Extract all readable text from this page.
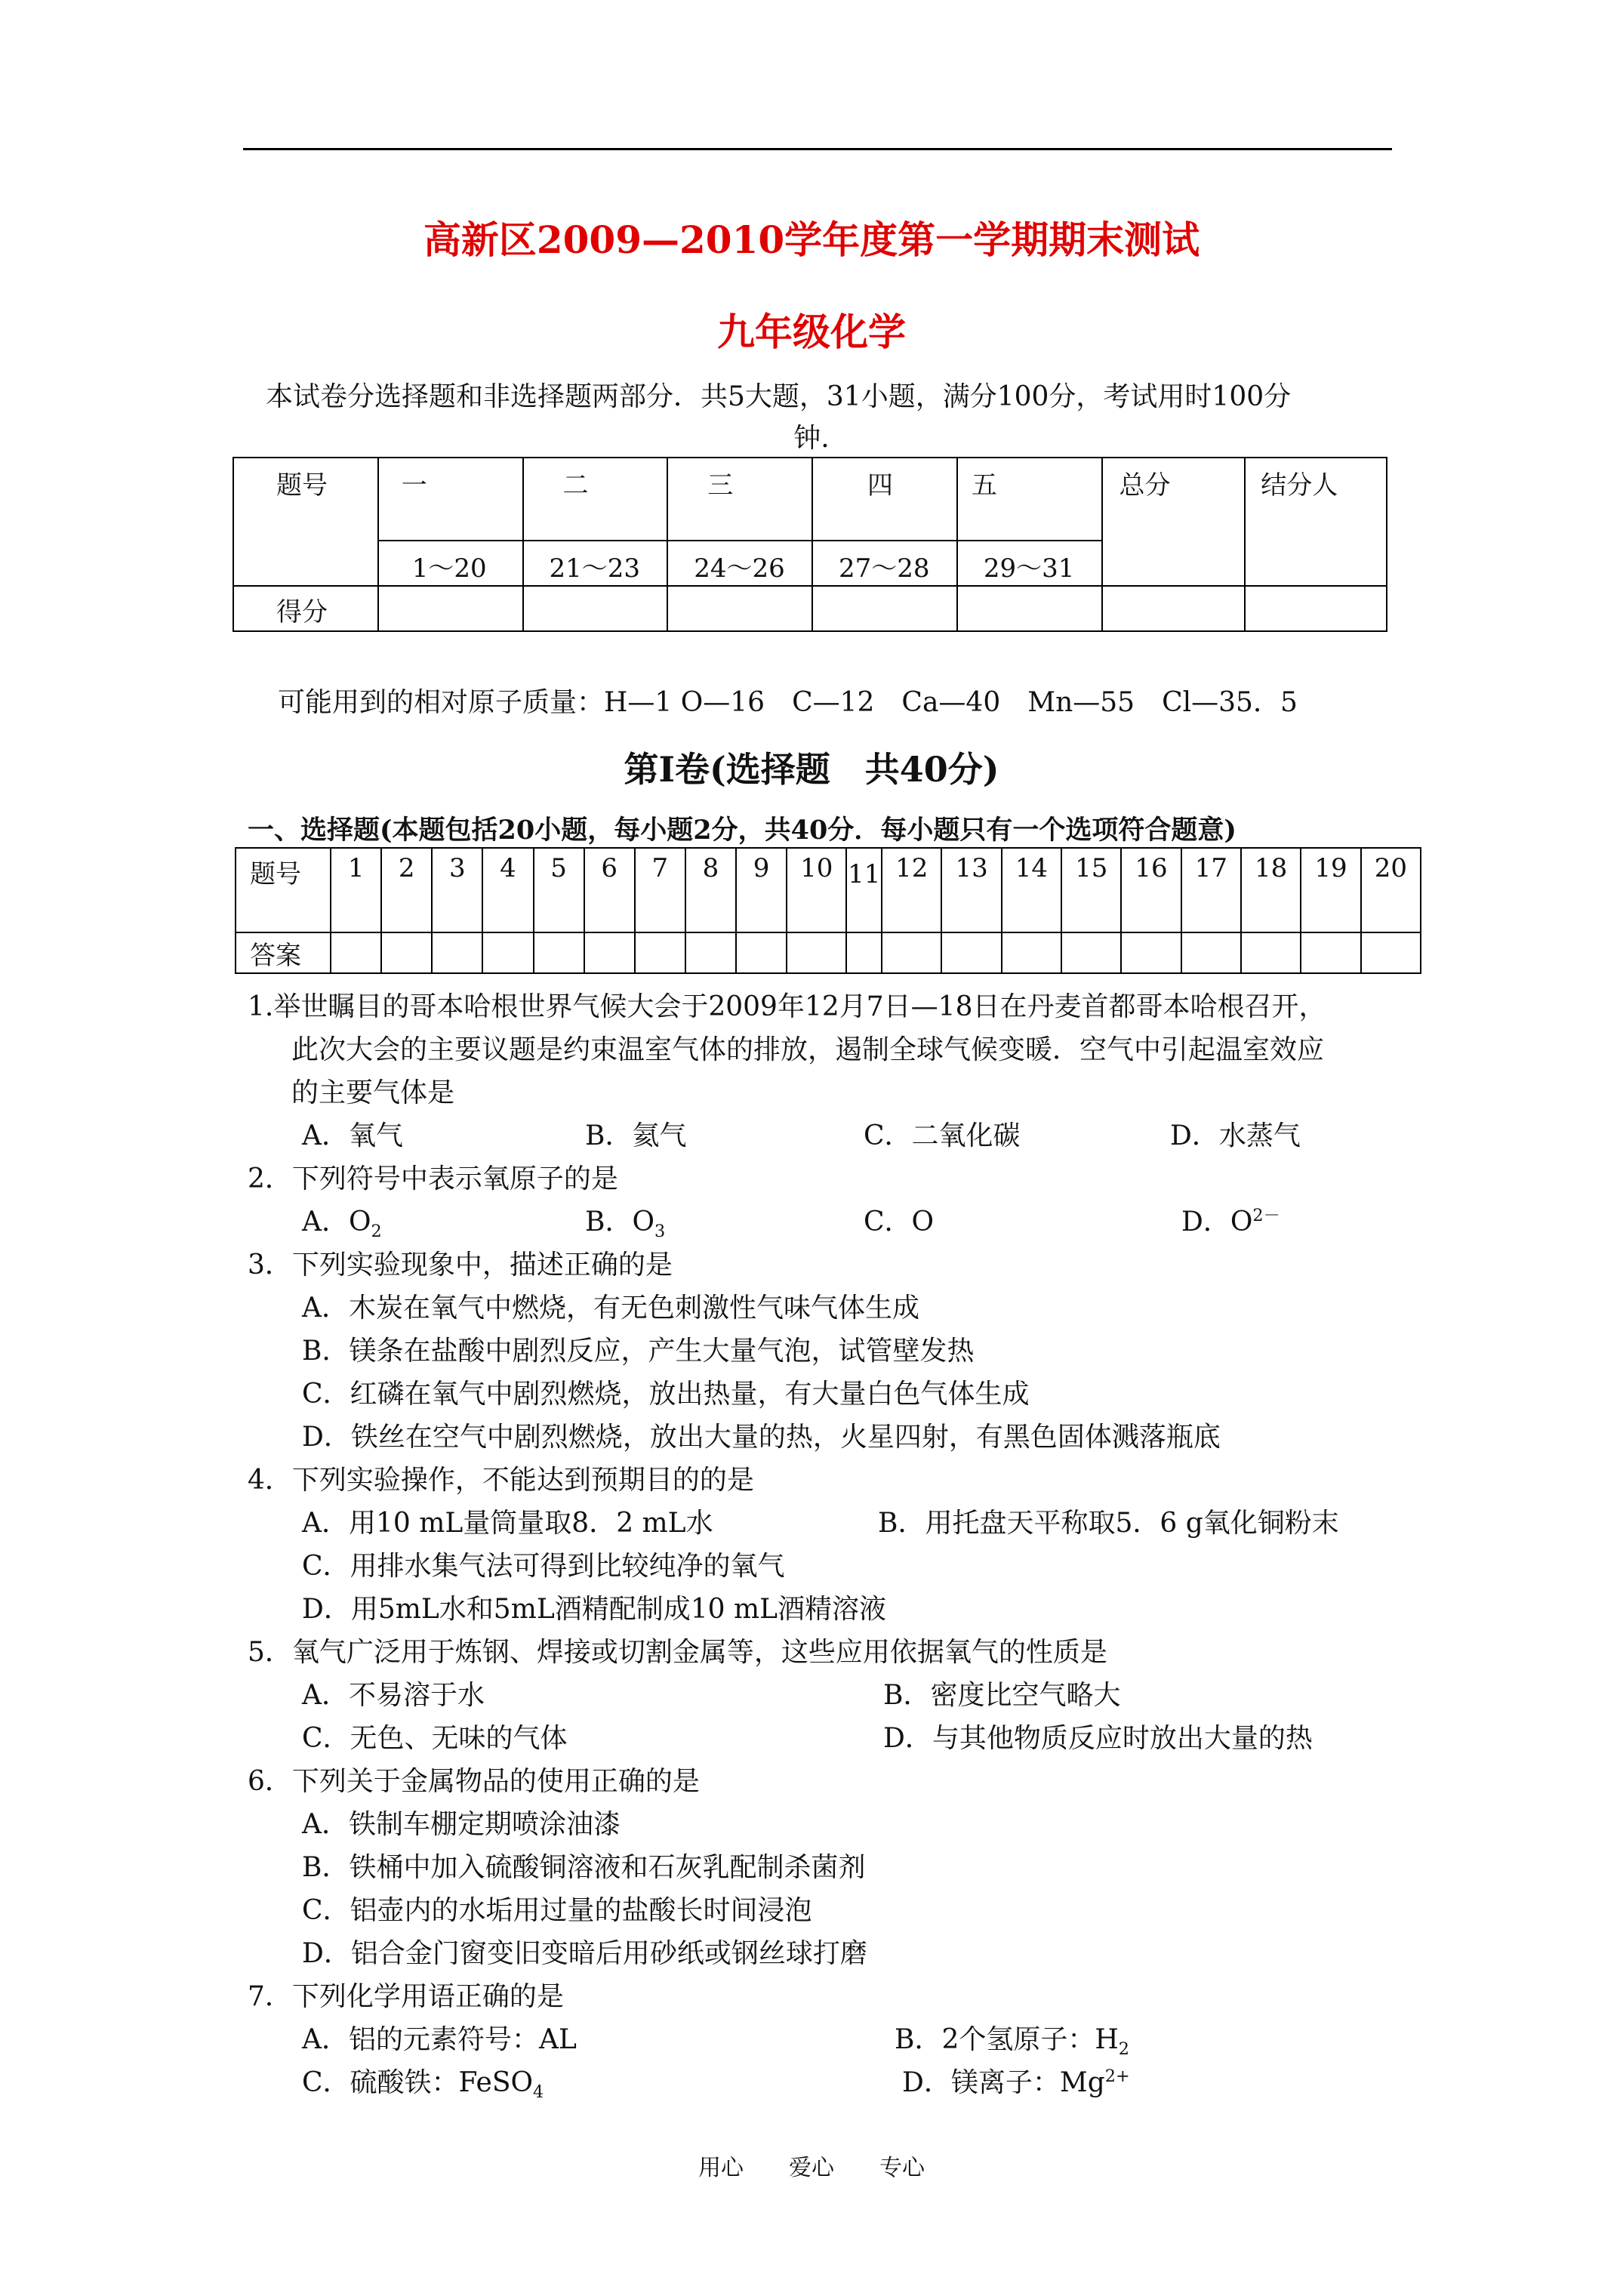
高新区2009—2010学年度第一学期期末测试
九年级化学
本试卷分选择题和非选择题两部分．共5大题，31小题，满分100分，考试用时100分
钟.
题号	一	二	三	四	五	总分	结分人
	1～20	21～23	24～26	27～28	29～31		
得分							
可能用到的相对原子质量：H—1 O—16　C—12　Ca—40　Mn—55　Cl—35．5
第Ⅰ卷(选择题　共40分)
一、选择题(本题包括20小题，每小题2分，共40分．每小题只有一个选项符合题意)
题号	1	2	3	4	5	6	7	8	9	10	11	12	13	14	15	16	17	18	19	20
答案																				
1.举世瞩目的哥本哈根世界气候大会于2009年12月7日—18日在丹麦首都哥本哈根召开，
此次大会的主要议题是约束温室气体的排放，遏制全球气候变暖．空气中引起温室效应
的主要气体是
A．氧气	B．氦气	C．二氧化碳	D．水蒸气
2．下列符号中表示氧原子的是
A．$O_2$	B．$O_3$	C．O	D．$O^{2-}$
3．下列实验现象中，描述正确的是
A．木炭在氧气中燃烧，有无色刺激性气味气体生成
B．镁条在盐酸中剧烈反应，产生大量气泡，试管壁发热
C．红磷在氧气中剧烈燃烧，放出热量，有大量白色气体生成
D．铁丝在空气中剧烈燃烧，放出大量的热，火星四射，有黑色固体溅落瓶底
4．下列实验操作，不能达到预期目的的是
A．用10 mL量筒量取8．2 mL水	B．用托盘天平称取5．6 g氧化铜粉末
C．用排水集气法可得到比较纯净的氧气
D．用5mL水和5mL酒精配制成10 mL酒精溶液
5．氧气广泛用于炼钢、焊接或切割金属等，这些应用依据氧气的性质是
A．不易溶于水	B．密度比空气略大
C．无色、无味的气体	D．与其他物质反应时放出大量的热
6．下列关于金属物品的使用正确的是
A．铁制车棚定期喷涂油漆
B．铁桶中加入硫酸铜溶液和石灰乳配制杀菌剂
C．铝壶内的水垢用过量的盐酸长时间浸泡
D．铝合金门窗变旧变暗后用砂纸或钢丝球打磨
7．下列化学用语正确的是
A．铝的元素符号：AL	B．2个氢原子：$H_2$
C．硫酸铁：FeSO$_4$	D．镁离子：$Mg^{2+}$
用心　　爱心　　专心
